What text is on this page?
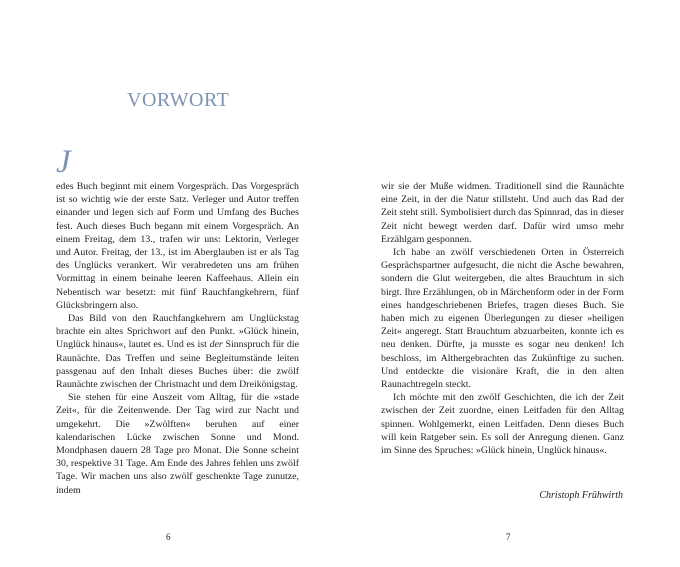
VORWORT
J

edes Buch beginnt mit einem Vorgespräch. Das Vorgespräch ist so wichtig wie der erste Satz. Verleger und Autor treffen einander und legen sich auf Form und Umfang des Buches fest. Auch dieses Buch begann mit einem Vorgespräch. An einem Freitag, dem 13., trafen wir uns: Lektorin, Verleger und Autor. Freitag, der 13., ist im Aberglauben ist er als Tag des Unglücks verankert. Wir verabredeten uns am frühen Vormittag in einem beinahe leeren Kaffeehaus. Allein ein Nebentisch war besetzt: mit fünf Rauchfangkehrern, fünf Glücksbringern also.

Das Bild von den Rauchfangkehrern am Unglückstag brachte ein altes Sprichwort auf den Punkt. »Glück hinein, Unglück hinaus«, lautet es. Und es ist der Sinnspruch für die Raunächte. Das Treffen und seine Begleitumstände leiten passgenau auf den Inhalt dieses Buches über: die zwölf Raunächte zwischen der Christnacht und dem Dreikönigstag.

Sie stehen für eine Auszeit vom Alltag, für die »stade Zeit«, für die Zeitenwende. Der Tag wird zur Nacht und umgekehrt. Die »Zwölften« beruhen auf einer kalendarischen Lücke zwischen Sonne und Mond. Mondphasen dauern 28 Tage pro Monat. Die Sonne scheint 30, respektive 31 Tage. Am Ende des Jahres fehlen uns zwölf Tage. Wir machen uns also zwölf geschenkte Tage zunutze, indem

6

wir sie der Muße widmen. Traditionell sind die Raunächte eine Zeit, in der die Natur stillsteht. Und auch das Rad der Zeit steht still. Symbolisiert durch das Spinnrad, das in dieser Zeit nicht bewegt werden darf. Dafür wird umso mehr Erzählgarn gesponnen.

Ich habe an zwölf verschiedenen Orten in Österreich Gesprächspartner aufgesucht, die nicht die Asche bewahren, sondern die Glut weitergeben, die altes Brauchtum in sich birgt. Ihre Erzählungen, ob in Märchenform oder in der Form eines handgeschriebenen Briefes, tragen dieses Buch. Sie haben mich zu eigenen Überlegungen zu dieser »heiligen Zeit« angeregt. Statt Brauchtum abzuarbeiten, konnte ich es neu denken. Dürfte, ja musste es sogar neu denken! Ich beschloss, im Althergebrachten das Zukünftige zu suchen. Und entdeckte die visionäre Kraft, die in den alten Raunachtregeln steckt.

Ich möchte mit den zwölf Geschichten, die ich der Zeit zwischen der Zeit zuordne, einen Leitfaden für den Alltag spinnen. Wohlgemerkt, einen Leitfaden. Denn dieses Buch will kein Ratgeber sein. Es soll der Anregung dienen. Ganz im Sinne des Spruches: »Glück hinein, Unglück hinaus«.

Christoph Frühwirth

7
